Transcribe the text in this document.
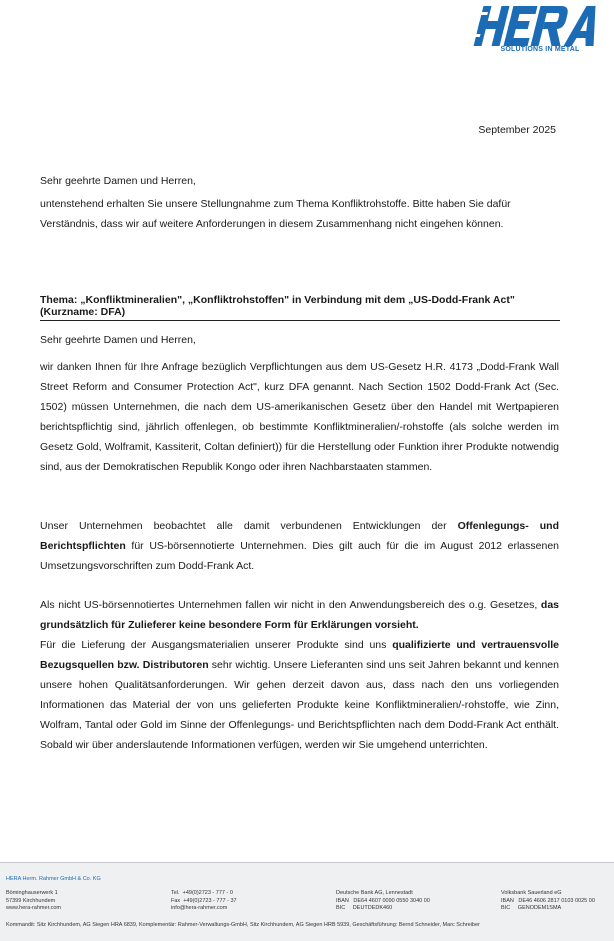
SOLUTIONS IN METAL
September 2025
Sehr geehrte Damen und Herren,
untenstehend erhalten Sie unsere Stellungnahme zum Thema Konfliktrohstoffe. Bitte haben Sie dafür Verständnis, dass wir auf weitere Anforderungen in diesem Zusammenhang nicht eingehen können.
Thema: „Konfliktmineralien", „Konfliktrohstoffen" in Verbindung mit dem „US-Dodd-Frank Act"
(Kurzname: DFA)
Sehr geehrte Damen und Herren,
wir danken Ihnen für Ihre Anfrage bezüglich Verpflichtungen aus dem US-Gesetz H.R. 4173 „Dodd-Frank Wall Street Reform and Consumer Protection Act", kurz DFA genannt. Nach Section 1502 Dodd-Frank Act (Sec. 1502) müssen Unternehmen, die nach dem US-amerikanischen Gesetz über den Handel mit Wertpapieren berichtspflichtig sind, jährlich offenlegen, ob bestimmte Konfliktmineralien/-rohstoffe (als solche werden im Gesetz Gold, Wolframit, Kassiterit, Coltan definiert)) für die Herstellung oder Funktion ihrer Produkte notwendig sind, aus der Demokratischen Republik Kongo oder ihren Nachbarstaaten stammen.
Unser Unternehmen beobachtet alle damit verbundenen Entwicklungen der Offenlegungs- und Berichtspflichten für US-börsennotierte Unternehmen. Dies gilt auch für die im August 2012 erlassenen Umsetzungsvorschriften zum Dodd-Frank Act.
Als nicht US-börsennotiertes Unternehmen fallen wir nicht in den Anwendungsbereich des o.g. Gesetzes, das grundsätzlich für Zulieferer keine besondere Form für Erklärungen vorsieht.
Für die Lieferung der Ausgangsmaterialien unserer Produkte sind uns qualifizierte und vertrauensvolle Bezugsquellen bzw. Distributoren sehr wichtig. Unsere Lieferanten sind uns seit Jahren bekannt und kennen unsere hohen Qualitätsanforderungen. Wir gehen derzeit davon aus, dass nach den uns vorliegenden Informationen das Material der von uns gelieferten Produkte keine Konfliktmineralien/-rohstoffe, wie Zinn, Wolfram, Tantal oder Gold im Sinne der Offenlegungs- und Berichtspflichten nach dem Dodd-Frank Act enthält. Sobald wir über anderslautende Informationen verfügen, werden wir Sie umgehend unterrichten.
HERA Herm. Rahmer GmbH & Co. KG
Böminghauserwerk 1
57399 Kirchhundem
www.hera-rahmer.com
Tel.  +49(0)2723 - 777 - 0
Fax  +49(0)2723 - 777 - 37
info@hera-rahmer.com
Deutsche Bank AG, Lennestadt
IBAN   DE64 4607 0090 0550 3040 00
BIC     DEUTDEDK460
Volksbank Sauerland eG
IBAN   DE46 4606 2817 0103 0025 00
BIC     GENODEM1SMA
Kommandit: Sitz Kirchhundem, AG Siegen HRA 6839, Komplementär: Rahmer-Verwaltungs-GmbH, Sitz Kirchhundem, AG Siegen HRB 5939, Geschäftsführung: Bernd Schneider, Marc Schreiber
